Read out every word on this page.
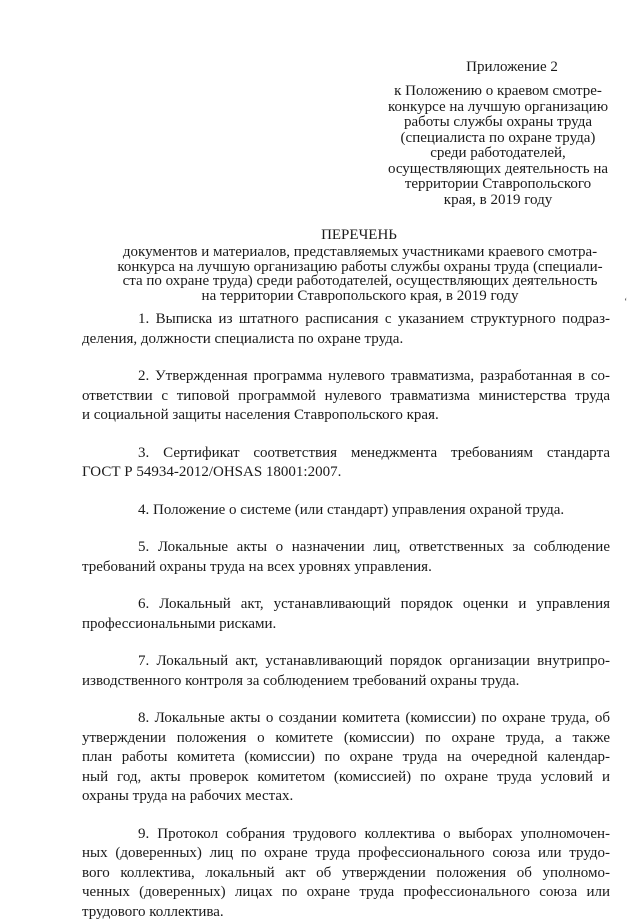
Приложение 2
к Положению о краевом смотре-
конкурсе на лучшую организацию
работы службы охраны труда
(специалиста по охране труда)
среди работодателей,
осуществляющих деятельность на
территории Ставропольского
края, в 2019 году
ПЕРЕЧЕНЬ
документов и материалов, представляемых участниками краевого смотра-
конкурса на лучшую организацию работы службы охраны труда (специали-
ста по охране труда) среди работодателей, осуществляющих деятельность
на территории Ставропольского края, в 2019 году
1. Выписка из штатного расписания с указанием структурного подраз-
деления, должности специалиста по охране труда.
2. Утвержденная программа нулевого травматизма, разработанная в со-
ответствии с типовой программой нулевого травматизма министерства труда
и социальной защиты населения Ставропольского края.
3. Сертификат соответствия менеджмента требованиям стандарта
ГОСТ Р 54934-2012/OHSAS 18001:2007.
4. Положение о системе (или стандарт) управления охраной труда.
5. Локальные акты о назначении лиц, ответственных за соблюдение
требований охраны труда на всех уровнях управления.
6. Локальный акт, устанавливающий порядок оценки и управления
профессиональными рисками.
7. Локальный акт, устанавливающий порядок организации внутрипро-
изводственного контроля за соблюдением требований охраны труда.
8. Локальные акты о создании комитета (комиссии) по охране труда, об
утверждении положения о комитете (комиссии) по охране труда, а также
план работы комитета (комиссии) по охране труда на очередной календар-
ный год, акты проверок комитетом (комиссией) по охране труда условий и
охраны труда на рабочих местах.
9. Протокол собрания трудового коллектива о выборах уполномочен-
ных (доверенных) лиц по охране труда профессионального союза или трудо-
вого коллектива, локальный акт об утверждении положения об уполномо-
ченных (доверенных) лицах по охране труда профессионального союза или
трудового коллектива.
ʻ
